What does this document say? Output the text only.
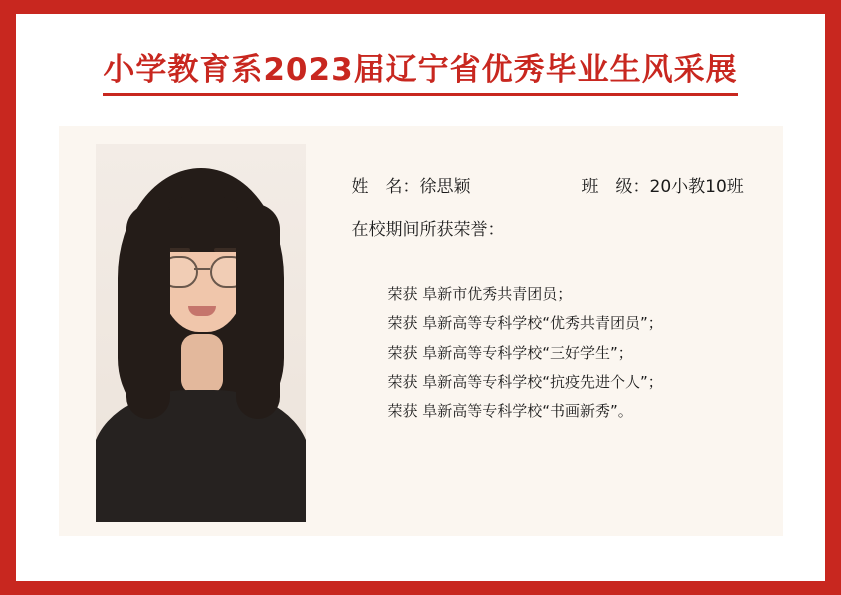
小学教育系2023届辽宁省优秀毕业生风采展
姓　名：徐思颖	班　级：20小教10班
在校期间所获荣誉：
荣获 阜新市优秀共青团员；
荣获 阜新高等专科学校“优秀共青团员”；
荣获 阜新高等专科学校“三好学生”；
荣获 阜新高等专科学校“抗疫先进个人”；
荣获 阜新高等专科学校“书画新秀”。
